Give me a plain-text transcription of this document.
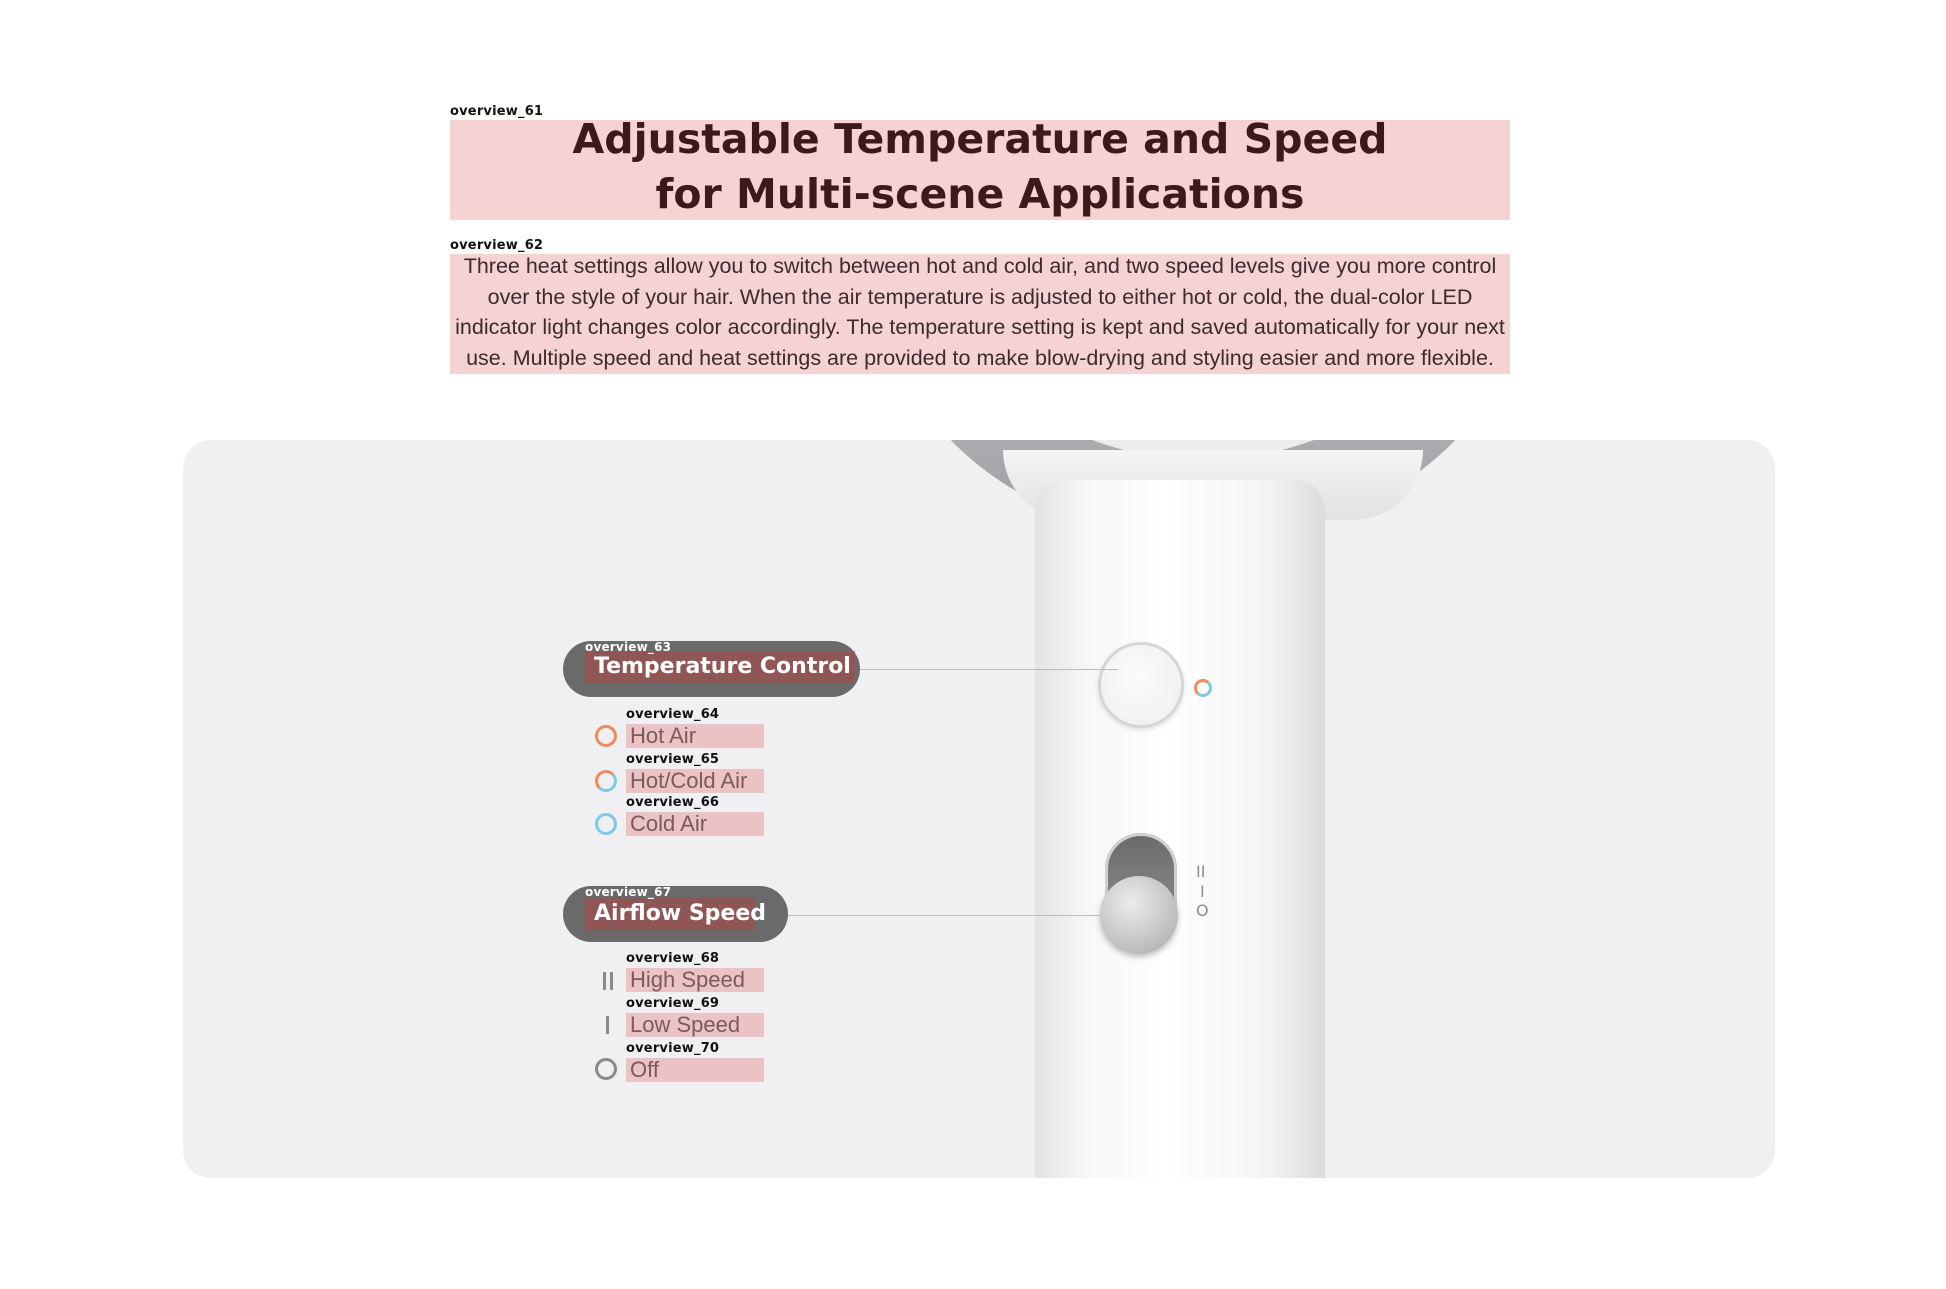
overview_61
Adjustable Temperature and Speed
for Multi-scene Applications
overview_62
Three heat settings allow you to switch between hot and cold air, and two speed levels give you more control over the style of your hair. When the air temperature is adjusted to either hot or cold, the dual-color LED indicator light changes color accordingly. The temperature setting is kept and saved automatically for your next use. Multiple speed and heat settings are provided to make blow-drying and styling easier and more flexible.
II
I
O
overview_63
Temperature Control
overview_64
Hot Air
overview_65
Hot/Cold Air
overview_66
Cold Air
overview_67
Airflow Speed
overview_68
High Speed
overview_69
Low Speed
overview_70
Off
